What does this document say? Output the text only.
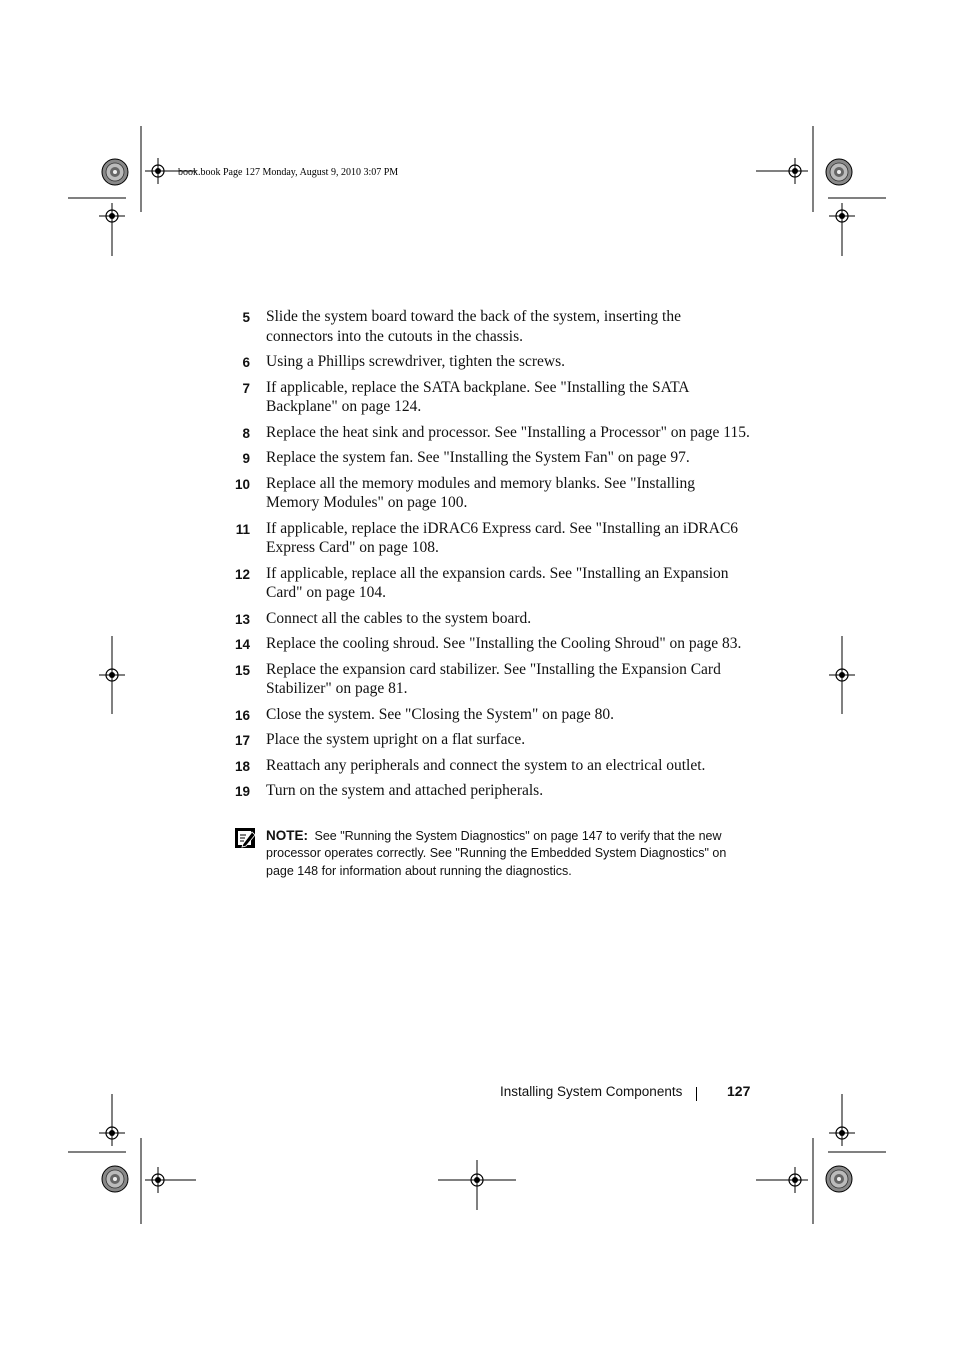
book.book Page 127 Monday, August 9, 2010 3:07 PM
5 Slide the system board toward the back of the system, inserting the connectors into the cutouts in the chassis.
6 Using a Phillips screwdriver, tighten the screws.
7 If applicable, replace the SATA backplane. See "Installing the SATA Backplane" on page 124.
8 Replace the heat sink and processor. See "Installing a Processor" on page 115.
9 Replace the system fan. See "Installing the System Fan" on page 97.
10 Replace all the memory modules and memory blanks. See "Installing Memory Modules" on page 100.
11 If applicable, replace the iDRAC6 Express card. See "Installing an iDRAC6 Express Card" on page 108.
12 If applicable, replace all the expansion cards. See "Installing an Expansion Card" on page 104.
13 Connect all the cables to the system board.
14 Replace the cooling shroud. See "Installing the Cooling Shroud" on page 83.
15 Replace the expansion card stabilizer. See "Installing the Expansion Card Stabilizer" on page 81.
16 Close the system. See "Closing the System" on page 80.
17 Place the system upright on a flat surface.
18 Reattach any peripherals and connect the system to an electrical outlet.
19 Turn on the system and attached peripherals.
NOTE: See "Running the System Diagnostics" on page 147 to verify that the new processor operates correctly. See "Running the Embedded System Diagnostics" on page 148 for information about running the diagnostics.
Installing System Components	127
